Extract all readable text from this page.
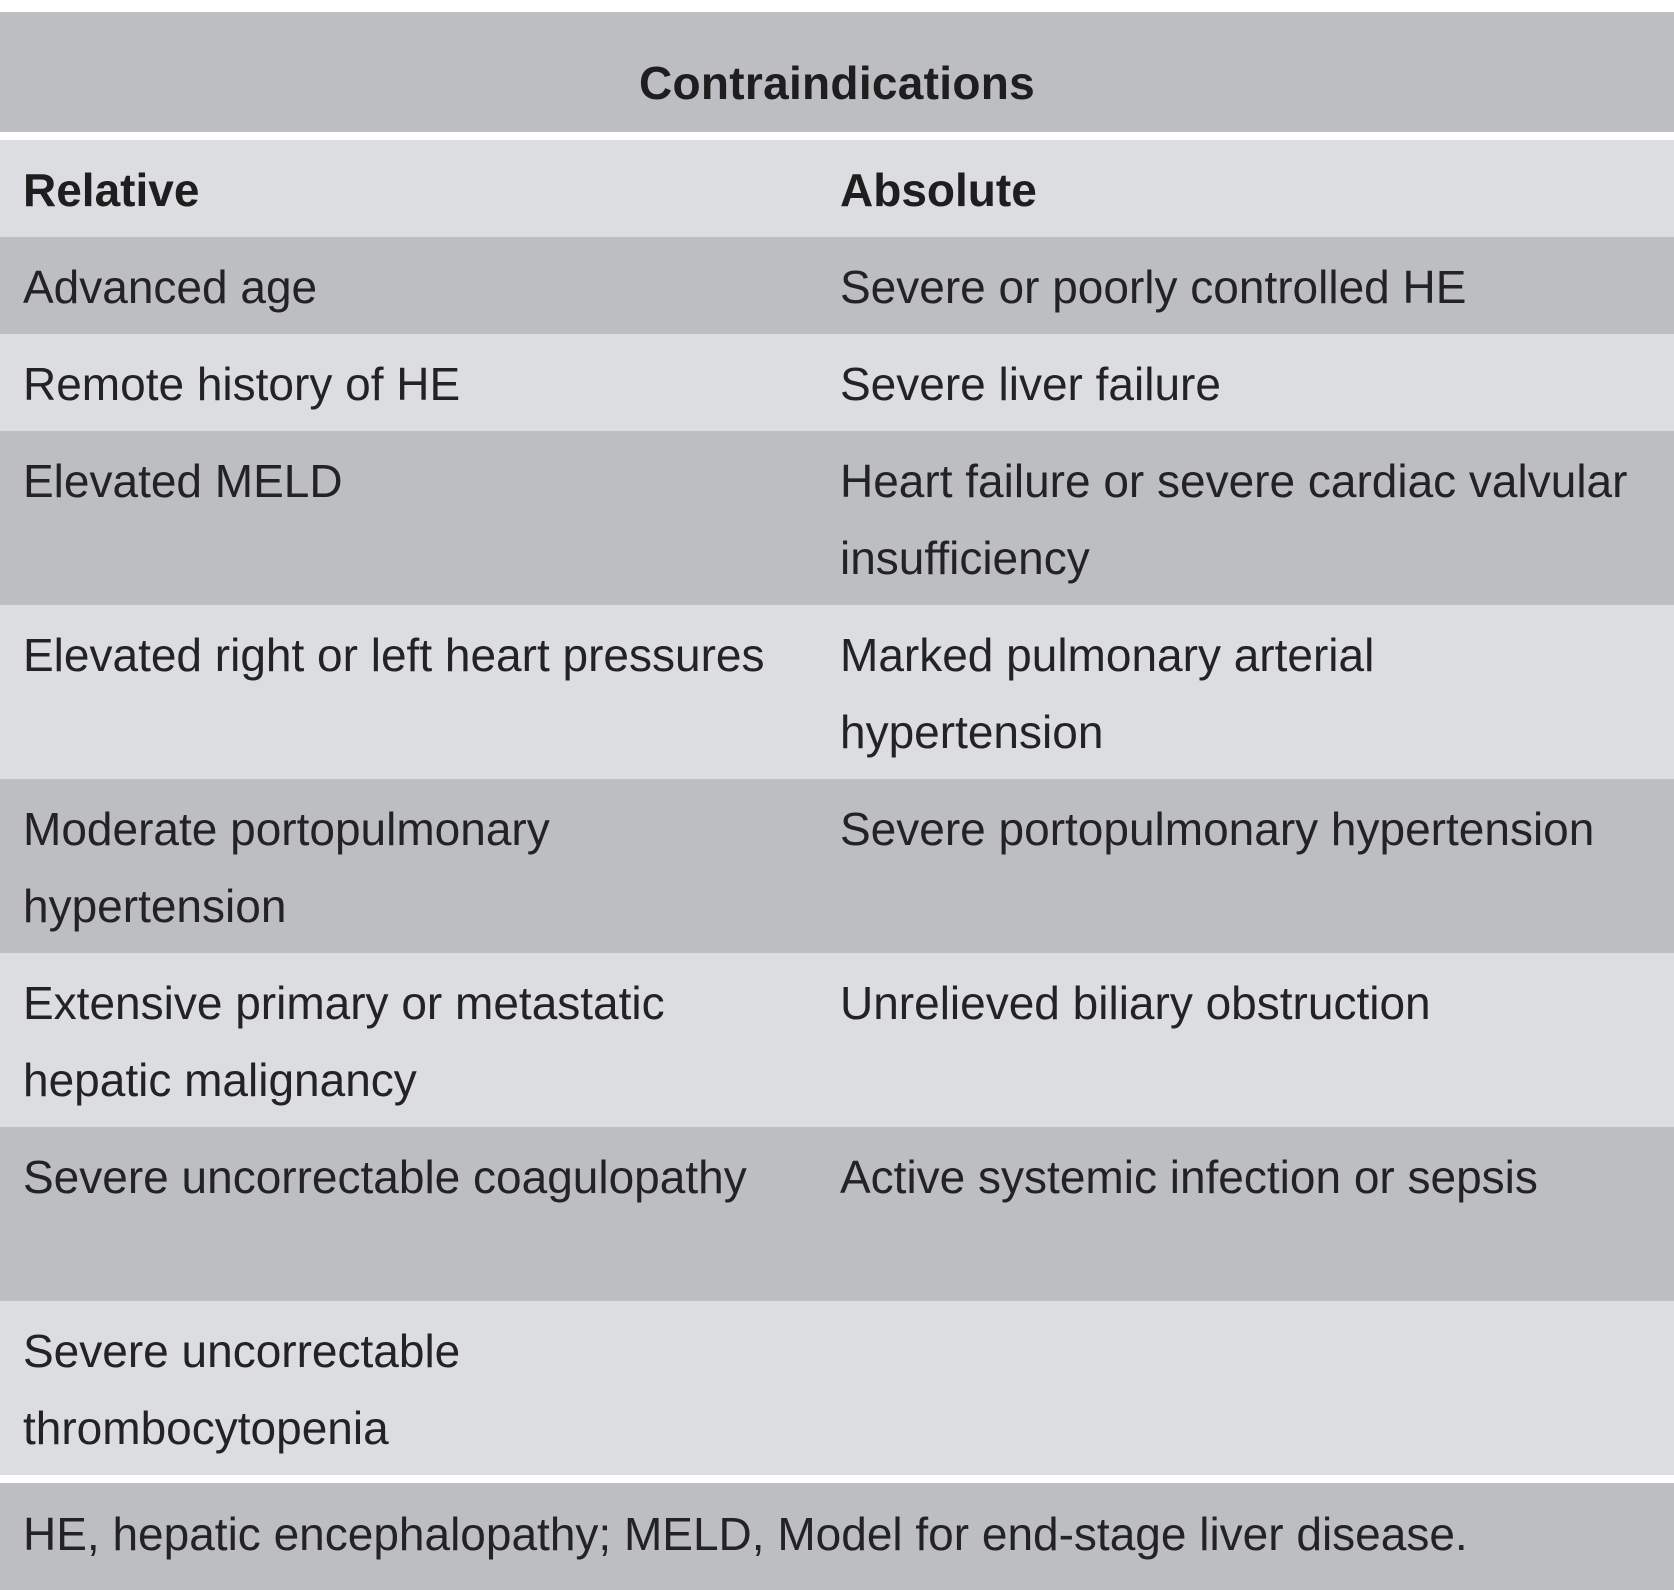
Contraindications
Relative	Absolute
Advanced age	Severe or poorly controlled HE
Remote history of HE	Severe liver failure
Elevated MELD	Heart failure or severe cardiac valvular insufficiency
Elevated right or left heart pressures	Marked pulmonary arterial hypertension
Moderate portopulmonary hypertension	Severe portopulmonary hypertension
Extensive primary or metastatic hepatic malignancy	Unrelieved biliary obstruction
Severe uncorrectable coagulopathy	Active systemic infection or sepsis
Severe uncorrectable thrombocytopenia	
HE, hepatic encephalopathy; MELD, Model for end-stage liver disease.
